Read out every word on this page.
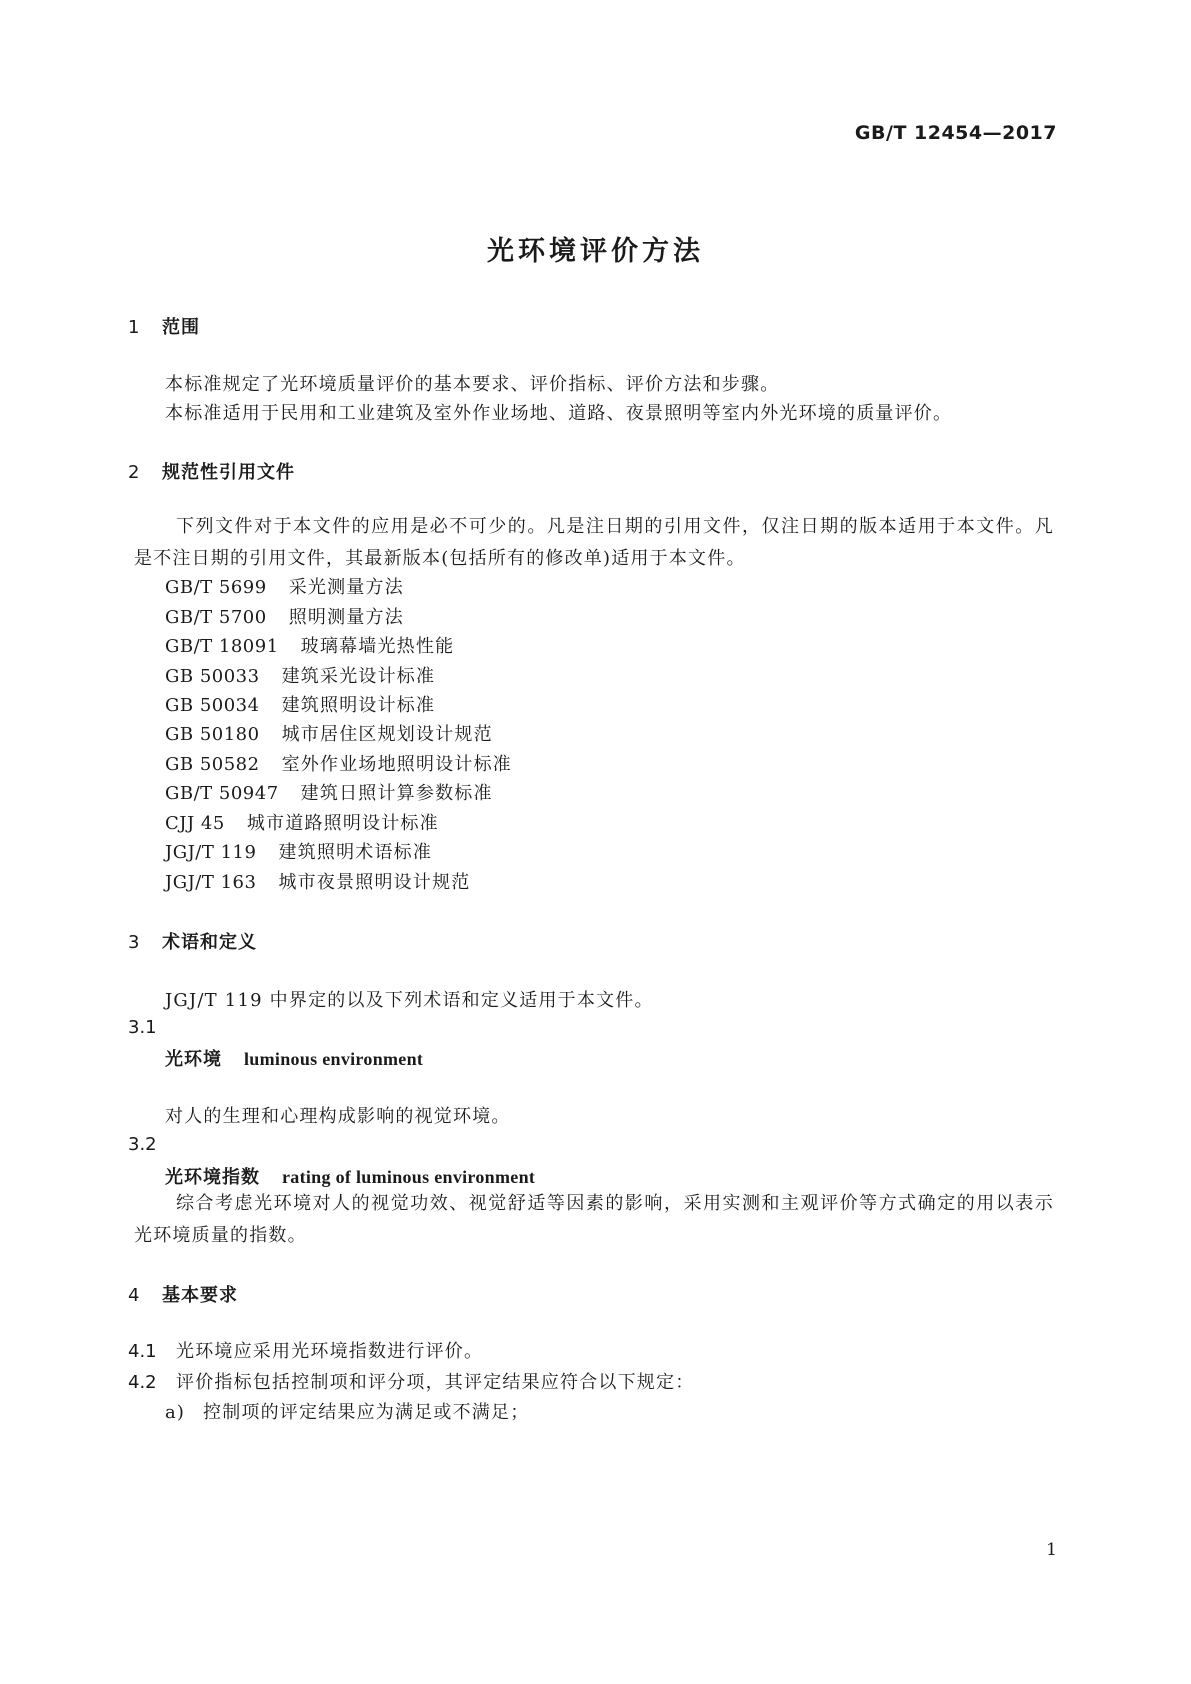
GB/T 12454—2017
光环境评价方法
1 范围
本标准规定了光环境质量评价的基本要求、评价指标、评价方法和步骤。
本标准适用于民用和工业建筑及室外作业场地、道路、夜景照明等室内外光环境的质量评价。
2 规范性引用文件
下列文件对于本文件的应用是必不可少的。凡是注日期的引用文件，仅注日期的版本适用于本文件。凡是不注日期的引用文件，其最新版本(包括所有的修改单)适用于本文件。
GB/T 5699 采光测量方法
GB/T 5700 照明测量方法
GB/T 18091 玻璃幕墙光热性能
GB 50033 建筑采光设计标准
GB 50034 建筑照明设计标准
GB 50180 城市居住区规划设计规范
GB 50582 室外作业场地照明设计标准
GB/T 50947 建筑日照计算参数标准
CJJ 45 城市道路照明设计标准
JGJ/T 119 建筑照明术语标准
JGJ/T 163 城市夜景照明设计规范
3 术语和定义
JGJ/T 119 中界定的以及下列术语和定义适用于本文件。
3.1
光环境 luminous environment
对人的生理和心理构成影响的视觉环境。
3.2
光环境指数 rating of luminous environment
综合考虑光环境对人的视觉功效、视觉舒适等因素的影响，采用实测和主观评价等方式确定的用以表示光环境质量的指数。
4 基本要求
4.1 光环境应采用光环境指数进行评价。
4.2 评价指标包括控制项和评分项，其评定结果应符合以下规定：
a) 控制项的评定结果应为满足或不满足；
1
